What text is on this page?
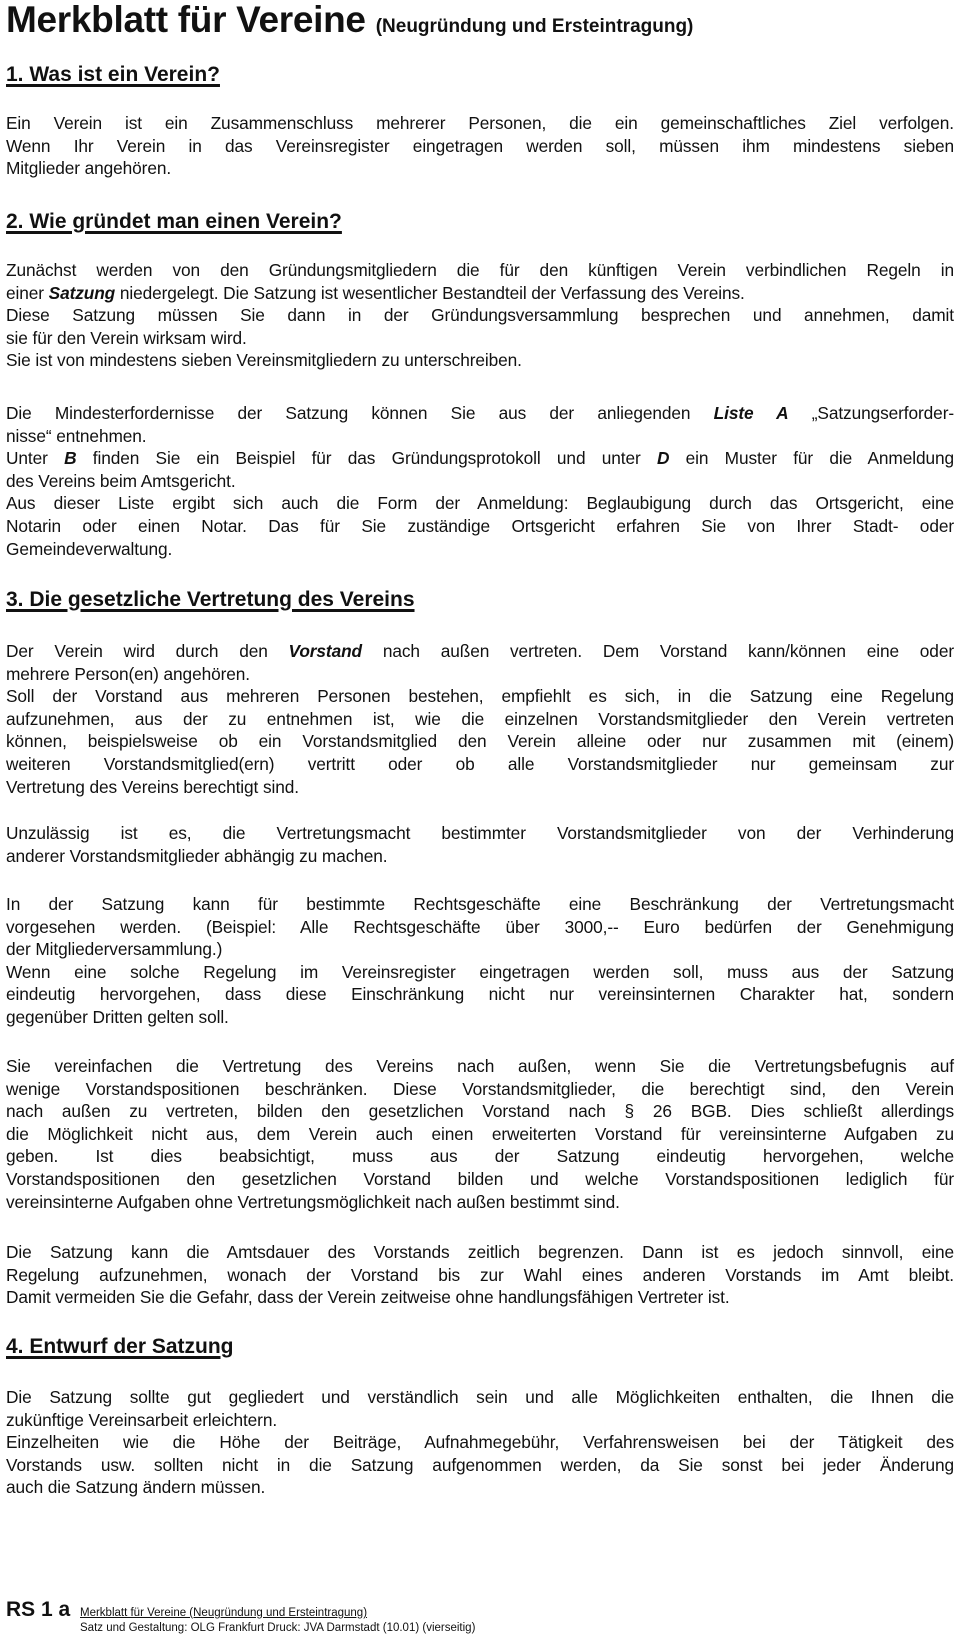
Merkblatt für Vereine (Neugründung und Ersteintragung)
1. Was ist ein Verein?
Ein Verein ist ein Zusammenschluss mehrerer Personen, die ein gemeinschaftliches Ziel verfolgen.
Wenn Ihr Verein in das Vereinsregister eingetragen werden soll, müssen ihm mindestens sieben
Mitglieder angehören.
2. Wie gründet man einen Verein?
Zunächst werden von den Gründungsmitgliedern die für den künftigen Verein verbindlichen Regeln in
einer Satzung niedergelegt. Die Satzung ist wesentlicher Bestandteil der Verfassung des Vereins.
Diese Satzung müssen Sie dann in der Gründungsversammlung besprechen und annehmen, damit
sie für den Verein wirksam wird.
Sie ist von mindestens sieben Vereinsmitgliedern zu unterschreiben.
Die Mindesterfordernisse der Satzung können Sie aus der anliegenden Liste A „Satzungserforder-
nisse“ entnehmen.
Unter B finden Sie ein Beispiel für das Gründungsprotokoll und unter D ein Muster für die Anmeldung
des Vereins beim Amtsgericht.
Aus dieser Liste ergibt sich auch die Form der Anmeldung: Beglaubigung durch das Ortsgericht, eine
Notarin oder einen Notar. Das für Sie zuständige Ortsgericht erfahren Sie von Ihrer Stadt- oder
Gemeindeverwaltung.
3. Die gesetzliche Vertretung des Vereins
Der Verein wird durch den Vorstand nach außen vertreten. Dem Vorstand kann/können eine oder
mehrere Person(en) angehören.
Soll der Vorstand aus mehreren Personen bestehen, empfiehlt es sich, in die Satzung eine Regelung
aufzunehmen, aus der zu entnehmen ist, wie die einzelnen Vorstandsmitglieder den Verein vertreten
können, beispielsweise ob ein Vorstandsmitglied den Verein alleine oder nur zusammen mit (einem)
weiteren Vorstandsmitglied(ern) vertritt oder ob alle Vorstandsmitglieder nur gemeinsam zur
Vertretung des Vereins berechtigt sind.
Unzulässig ist es, die Vertretungsmacht bestimmter Vorstandsmitglieder von der Verhinderung
anderer Vorstandsmitglieder abhängig zu machen.
In der Satzung kann für bestimmte Rechtsgeschäfte eine Beschränkung der Vertretungsmacht
vorgesehen werden. (Beispiel: Alle Rechtsgeschäfte über 3000,-- Euro bedürfen der Genehmigung
der Mitgliederversammlung.)
Wenn eine solche Regelung im Vereinsregister eingetragen werden soll, muss aus der Satzung
eindeutig hervorgehen, dass diese Einschränkung nicht nur vereinsinternen Charakter hat, sondern
gegenüber Dritten gelten soll.
Sie vereinfachen die Vertretung des Vereins nach außen, wenn Sie die Vertretungsbefugnis auf
wenige Vorstandspositionen beschränken. Diese Vorstandsmitglieder, die berechtigt sind, den Verein
nach außen zu vertreten, bilden den gesetzlichen Vorstand nach § 26 BGB. Dies schließt allerdings
die Möglichkeit nicht aus, dem Verein auch einen erweiterten Vorstand für vereinsinterne Aufgaben zu
geben. Ist dies beabsichtigt, muss aus der Satzung eindeutig hervorgehen, welche
Vorstandspositionen den gesetzlichen Vorstand bilden und welche Vorstandspositionen lediglich für
vereinsinterne Aufgaben ohne Vertretungsmöglichkeit nach außen bestimmt sind.
Die Satzung kann die Amtsdauer des Vorstands zeitlich begrenzen. Dann ist es jedoch sinnvoll, eine
Regelung aufzunehmen, wonach der Vorstand bis zur Wahl eines anderen Vorstands im Amt bleibt.
Damit vermeiden Sie die Gefahr, dass der Verein zeitweise ohne handlungsfähigen Vertreter ist.
4. Entwurf der Satzung
Die Satzung sollte gut gegliedert und verständlich sein und alle Möglichkeiten enthalten, die Ihnen die
zukünftige Vereinsarbeit erleichtern.
Einzelheiten wie die Höhe der Beiträge, Aufnahmegebühr, Verfahrensweisen bei der Tätigkeit des
Vorstands usw. sollten nicht in die Satzung aufgenommen werden, da Sie sonst bei jeder Änderung
auch die Satzung ändern müssen.
RS 1 a Merkblatt für Vereine (Neugründung und Ersteintragung)
Satz und Gestaltung: OLG Frankfurt Druck: JVA Darmstadt (10.01) (vierseitig)
